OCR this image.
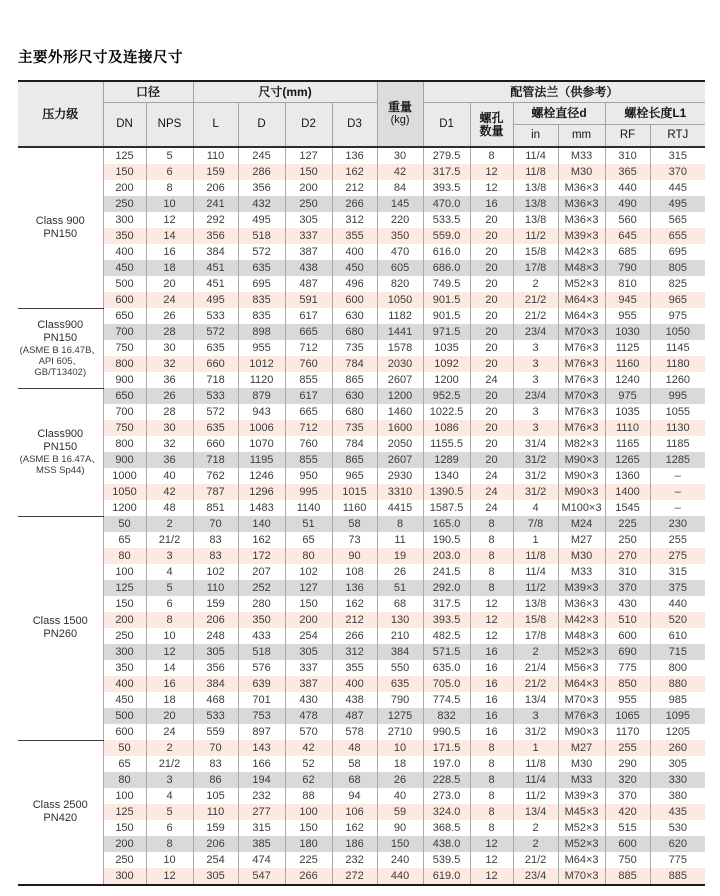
主要外形尺寸及连接尺寸
压力级	口径		尺寸(mm)				重量
(kg)	配管法兰（供参考）					
	DN	NPS	L	D	D2	D3		D1	螺孔
数量	螺栓直径d		螺栓长度L1	
										in	mm	RF	RTJ

Class 900
PN150	125	5	110	245	127	136	30	279.5	8	11/4	M33	310	315
	150	6	159	286	150	162	42	317.5	12	11/8	M30	365	370
	200	8	206	356	200	212	84	393.5	12	13/8	M36×3	440	445
	250	10	241	432	250	266	145	470.0	16	13/8	M36×3	490	495
	300	12	292	495	305	312	220	533.5	20	13/8	M36×3	560	565
	350	14	356	518	337	355	350	559.0	20	11/2	M39×3	645	655
	400	16	384	572	387	400	470	616.0	20	15/8	M42×3	685	695
	450	18	451	635	438	450	605	686.0	20	17/8	M48×3	790	805
	500	20	451	695	487	496	820	749.5	20	2	M52×3	810	825
	600	24	495	835	591	600	1050	901.5	20	21/2	M64×3	945	965

Class900
PN150
(ASME B 16.47B、
API 605、
GB/T13402)	650	26	533	835	617	630	1182	901.5	20	21/2	M64×3	955	975
	700	28	572	898	665	680	1441	971.5	20	23/4	M70×3	1030	1050
	750	30	635	955	712	735	1578	1035	20	3	M76×3	1125	1145
	800	32	660	1012	760	784	2030	1092	20	3	M76×3	1160	1180
	900	36	718	1120	855	865	2607	1200	24	3	M76×3	1240	1260

Class900
PN150
(ASME B 16.47A、
MSS Sp44)	650	26	533	879	617	630	1200	952.5	20	23/4	M70×3	975	995
	700	28	572	943	665	680	1460	1022.5	20	3	M76×3	1035	1055
	750	30	635	1006	712	735	1600	1086	20	3	M76×3	1110	1130
	800	32	660	1070	760	784	2050	1155.5	20	31/4	M82×3	1165	1185
	900	36	718	1195	855	865	2607	1289	20	31/2	M90×3	1265	1285
	1000	40	762	1246	950	965	2930	1340	24	31/2	M90×3	1360	–
	1050	42	787	1296	995	1015	3310	1390.5	24	31/2	M90×3	1400	–
	1200	48	851	1483	1140	1160	4415	1587.5	24	4	M100×3	1545	–

Class 1500
PN260	50	2	70	140	51	58	8	165.0	8	7/8	M24	225	230
	65	21/2	83	162	65	73	11	190.5	8	1	M27	250	255
	80	3	83	172	80	90	19	203.0	8	11/8	M30	270	275
	100	4	102	207	102	108	26	241.5	8	11/4	M33	310	315
	125	5	110	252	127	136	51	292.0	8	11/2	M39×3	370	375
	150	6	159	280	150	162	68	317.5	12	13/8	M36×3	430	440
	200	8	206	350	200	212	130	393.5	12	15/8	M42×3	510	520
	250	10	248	433	254	266	210	482.5	12	17/8	M48×3	600	610
	300	12	305	518	305	312	384	571.5	16	2	M52×3	690	715
	350	14	356	576	337	355	550	635.0	16	21/4	M56×3	775	800
	400	16	384	639	387	400	635	705.0	16	21/2	M64×3	850	880
	450	18	468	701	430	438	790	774.5	16	13/4	M70×3	955	985
	500	20	533	753	478	487	1275	832	16	3	M76×3	1065	1095
	600	24	559	897	570	578	2710	990.5	16	31/2	M90×3	1170	1205

Class 2500
PN420	50	2	70	143	42	48	10	171.5	8	1	M27	255	260
	65	21/2	83	166	52	58	18	197.0	8	11/8	M30	290	305
	80	3	86	194	62	68	26	228.5	8	11/4	M33	320	330
	100	4	105	232	88	94	40	273.0	8	11/2	M39×3	370	380
	125	5	110	277	100	106	59	324.0	8	13/4	M45×3	420	435
	150	6	159	315	150	162	90	368.5	8	2	M52×3	515	530
	200	8	206	385	180	186	150	438.0	12	2	M52×3	600	620
	250	10	254	474	225	232	240	539.5	12	21/2	M64×3	750	775
	300	12	305	547	266	272	440	619.0	12	23/4	M70×3	885	885
